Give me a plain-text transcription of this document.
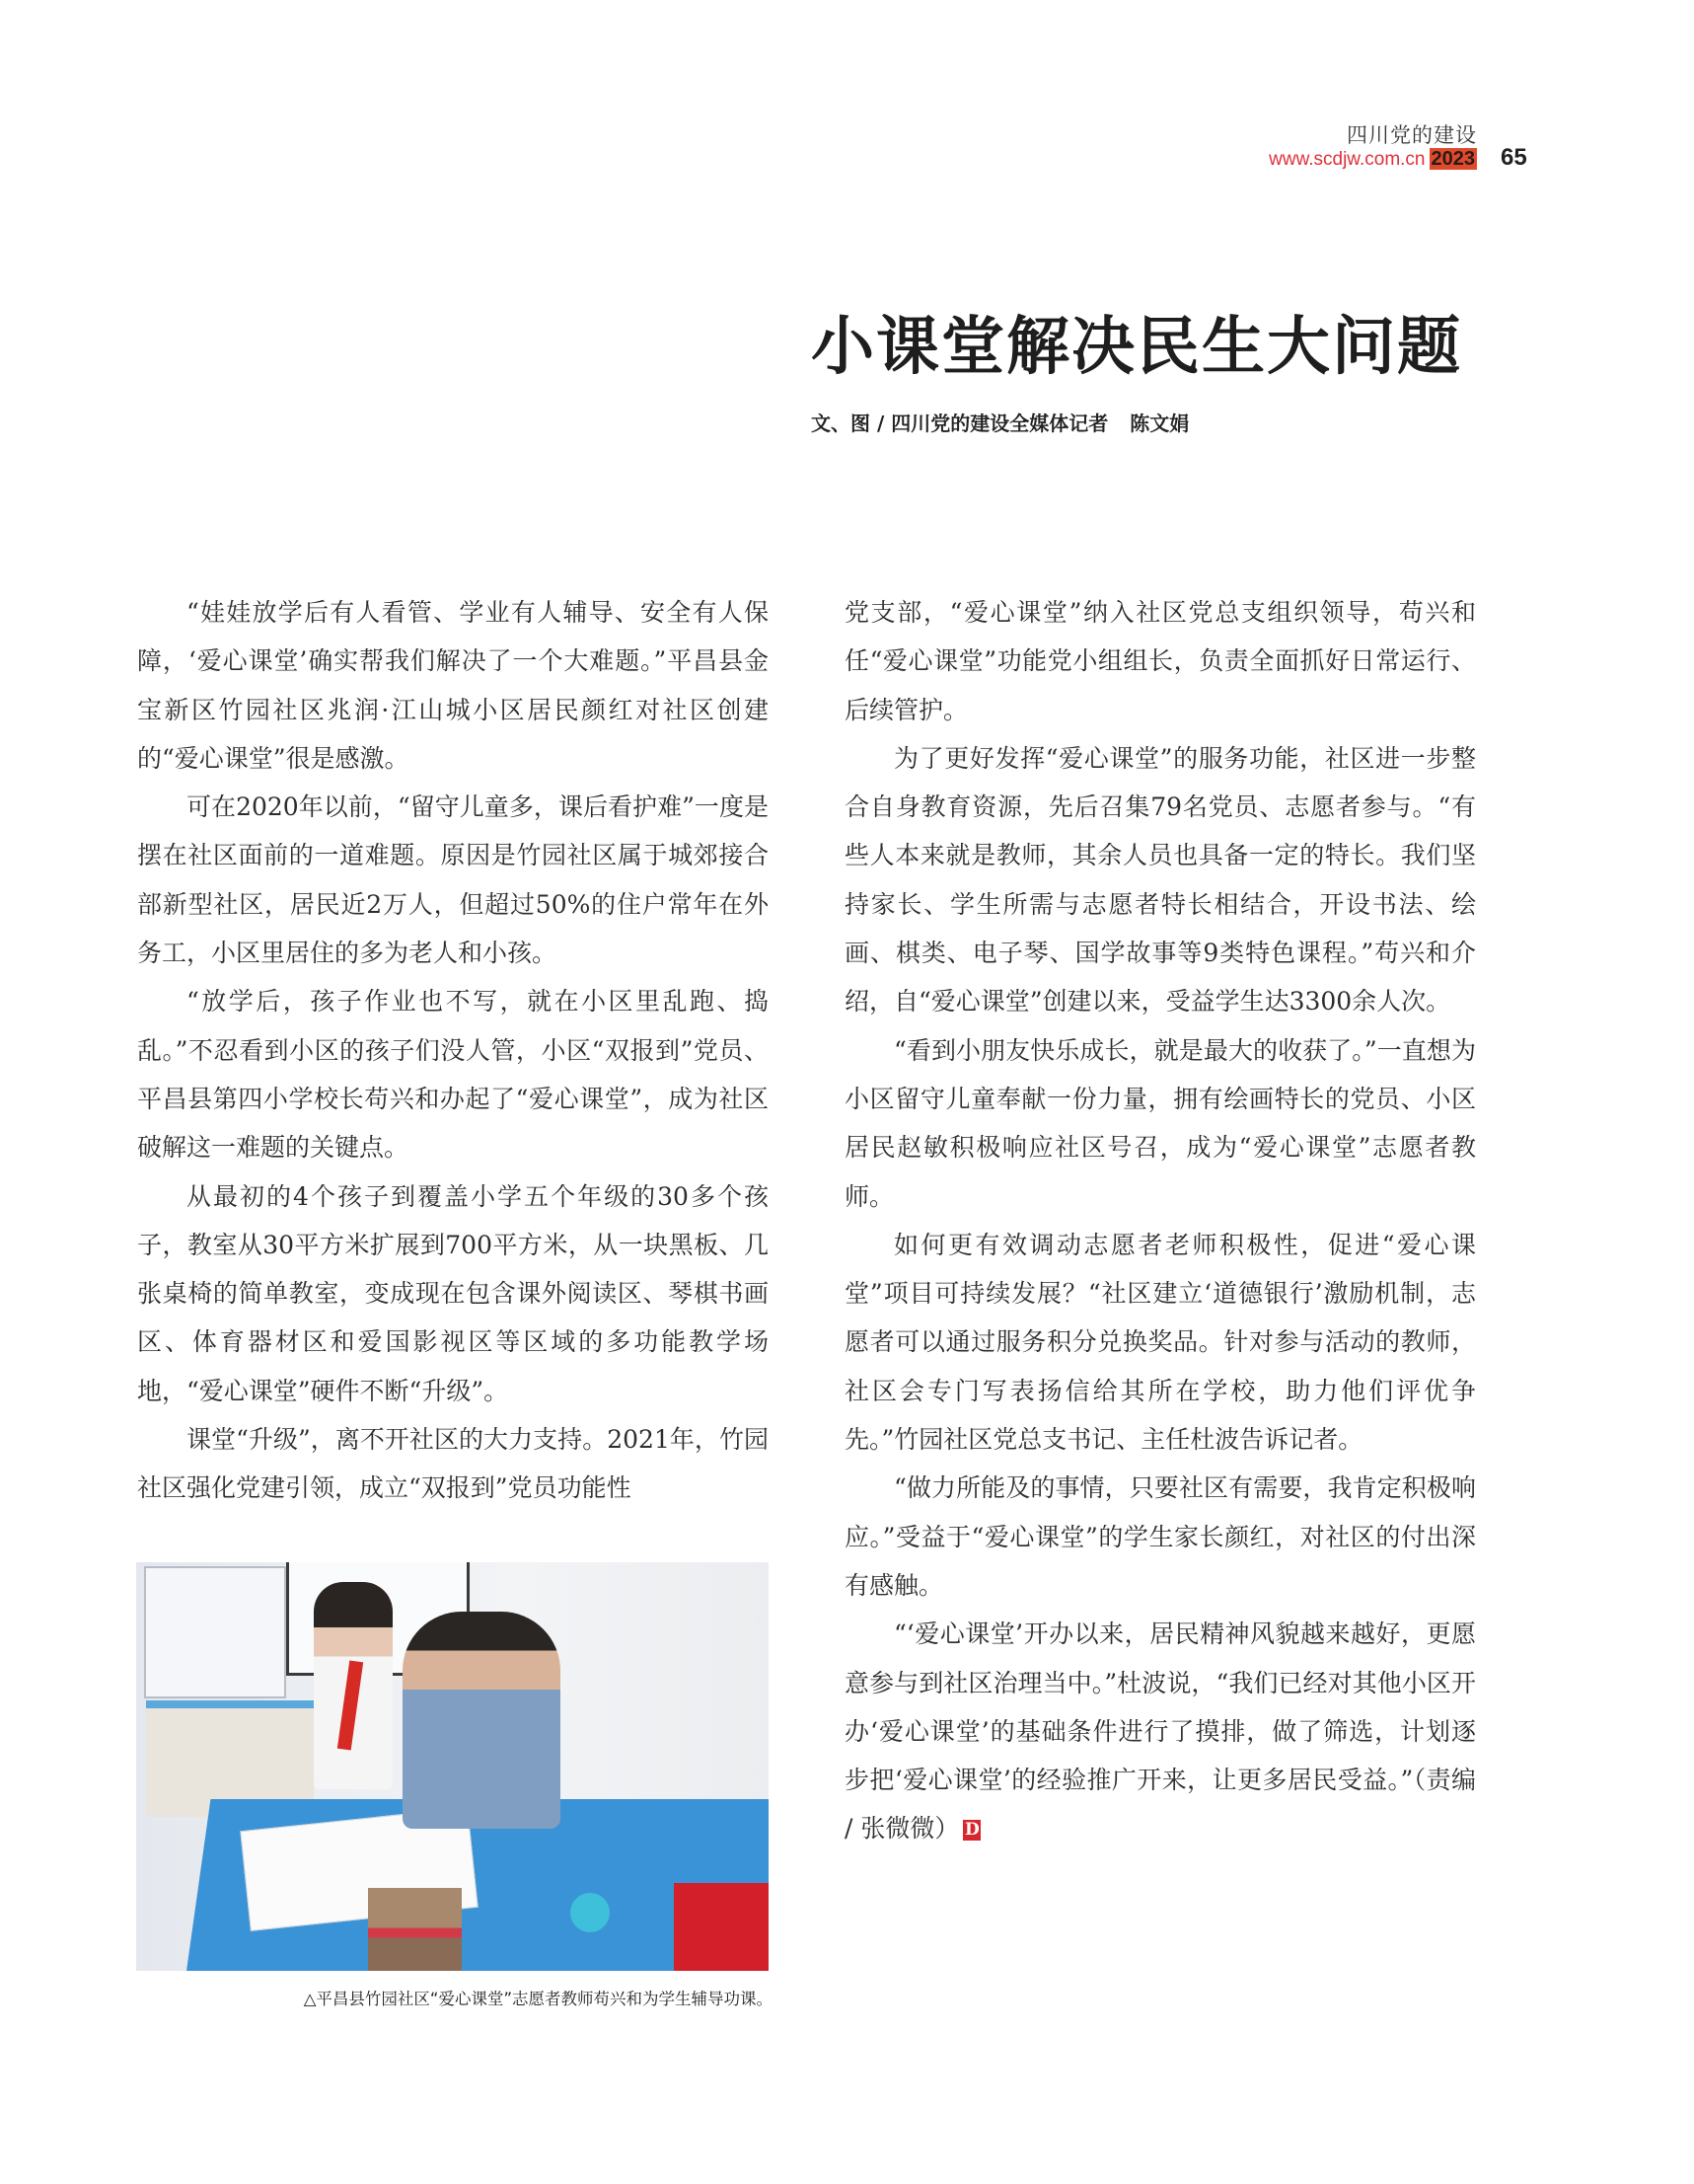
四川党的建设
www.scdjw.com.cn 2023 65
小课堂解决民生大问题
文、图 / 四川党的建设全媒体记者 陈文娟

“娃娃放学后有人看管、学业有人辅导、安全有人保障，‘爱心课堂’确实帮我们解决了一个大难题。”平昌县金宝新区竹园社区兆润·江山城小区居民颜红对社区创建的“爱心课堂”很是感激。

可在2020年以前，“留守儿童多，课后看护难”一度是摆在社区面前的一道难题。原因是竹园社区属于城郊接合部新型社区，居民近2万人，但超过50%的住户常年在外务工，小区里居住的多为老人和小孩。

“放学后，孩子作业也不写，就在小区里乱跑、捣乱。”不忍看到小区的孩子们没人管，小区“双报到”党员、平昌县第四小学校长苟兴和办起了“爱心课堂”，成为社区破解这一难题的关键点。

从最初的4个孩子到覆盖小学五个年级的30多个孩子，教室从30平方米扩展到700平方米，从一块黑板、几张桌椅的简单教室，变成现在包含课外阅读区、琴棋书画区、体育器材区和爱国影视区等区域的多功能教学场地，“爱心课堂”硬件不断“升级”。

课堂“升级”，离不开社区的大力支持。2021年，竹园社区强化党建引领，成立“双报到”党员功能性

党支部，“爱心课堂”纳入社区党总支组织领导，苟兴和任“爱心课堂”功能党小组组长，负责全面抓好日常运行、后续管护。

为了更好发挥“爱心课堂”的服务功能，社区进一步整合自身教育资源，先后召集79名党员、志愿者参与。“有些人本来就是教师，其余人员也具备一定的特长。我们坚持家长、学生所需与志愿者特长相结合，开设书法、绘画、棋类、电子琴、国学故事等9类特色课程。”苟兴和介绍，自“爱心课堂”创建以来，受益学生达3300余人次。

“看到小朋友快乐成长，就是最大的收获了。”一直想为小区留守儿童奉献一份力量，拥有绘画特长的党员、小区居民赵敏积极响应社区号召，成为“爱心课堂”志愿者教师。

如何更有效调动志愿者老师积极性，促进“爱心课堂”项目可持续发展？“社区建立‘道德银行’激励机制，志愿者可以通过服务积分兑换奖品。针对参与活动的教师，社区会专门写表扬信给其所在学校，助力他们评优争先。”竹园社区党总支书记、主任杜波告诉记者。

“做力所能及的事情，只要社区有需要，我肯定积极响应。”受益于“爱心课堂”的学生家长颜红，对社区的付出深有感触。

“‘爱心课堂’开办以来，居民精神风貌越来越好，更愿意参与到社区治理当中。”杜波说，“我们已经对其他小区开办‘爱心课堂’的基础条件进行了摸排，做了筛选，计划逐步把‘爱心课堂’的经验推广开来，让更多居民受益。”（责编 / 张微微） D

△平昌县竹园社区“爱心课堂”志愿者教师苟兴和为学生辅导功课。
